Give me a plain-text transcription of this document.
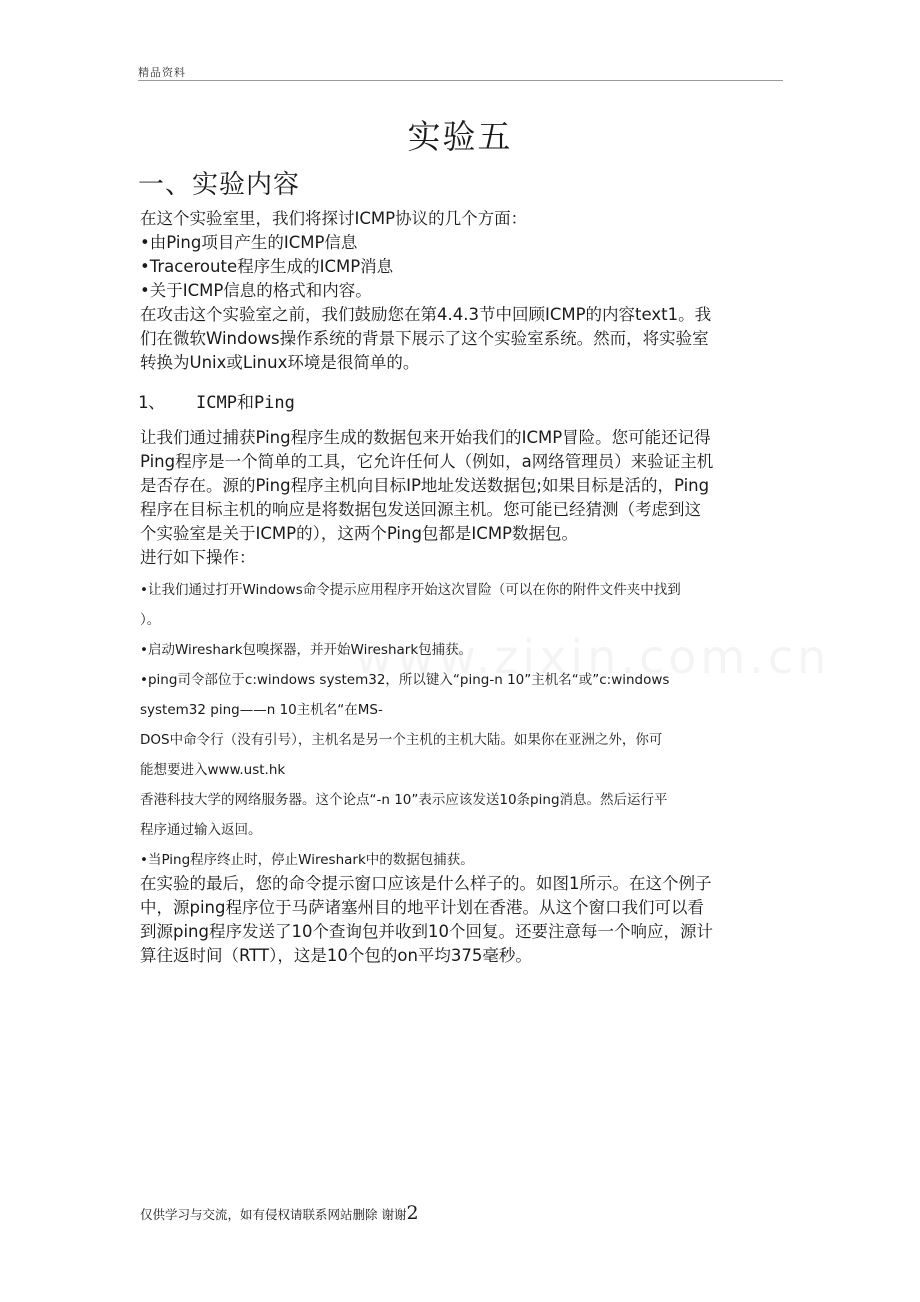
精品资料
实验五
一、实验内容

在这个实验室里，我们将探讨ICMP协议的几个方面：

•由Ping项目产生的ICMP信息

•Traceroute程序生成的ICMP消息

•关于ICMP信息的格式和内容。

在攻击这个实验室之前，我们鼓励您在第4.4.3节中回顾ICMP的内容text1。我

们在微软Windows操作系统的背景下展示了这个实验室系统。然而，将实验室

转换为Unix或Linux环境是很简单的。

1、 ICMP和Ping

让我们通过捕获Ping程序生成的数据包来开始我们的ICMP冒险。您可能还记得

Ping程序是一个简单的工具，它允许任何人（例如，a网络管理员）来验证主机

是否存在。源的Ping程序主机向目标IP地址发送数据包;如果目标是活的，Ping

程序在目标主机的响应是将数据包发送回源主机。您可能已经猜测（考虑到这

个实验室是关于ICMP的），这两个Ping包都是ICMP数据包。

进行如下操作：

•让我们通过打开Windows命令提示应用程序开始这次冒险（可以在你的附件文件夹中找到

）。

•启动Wireshark包嗅探器，并开始Wireshark包捕获。

•ping司令部位于c:windows system32，所以键入“ping-n 10”主机名“或”c:windows

system32 ping——n 10主机名“在MS-

DOS中命令行（没有引号），主机名是另一个主机的主机大陆。如果你在亚洲之外，你可

能想要进入www.ust.hk

香港科技大学的网络服务器。这个论点“-n 10”表示应该发送10条ping消息。然后运行平

程序通过输入返回。

•当Ping程序终止时，停止Wireshark中的数据包捕获。

在实验的最后，您的命令提示窗口应该是什么样子的。如图1所示。在这个例子

中，源ping程序位于马萨诸塞州目的地平计划在香港。从这个窗口我们可以看

到源ping程序发送了10个查询包并收到10个回复。还要注意每一个响应，源计

算往返时间（RTT），这是10个包的on平均375毫秒。

仅供学习与交流，如有侵权请联系网站删除 谢谢2
